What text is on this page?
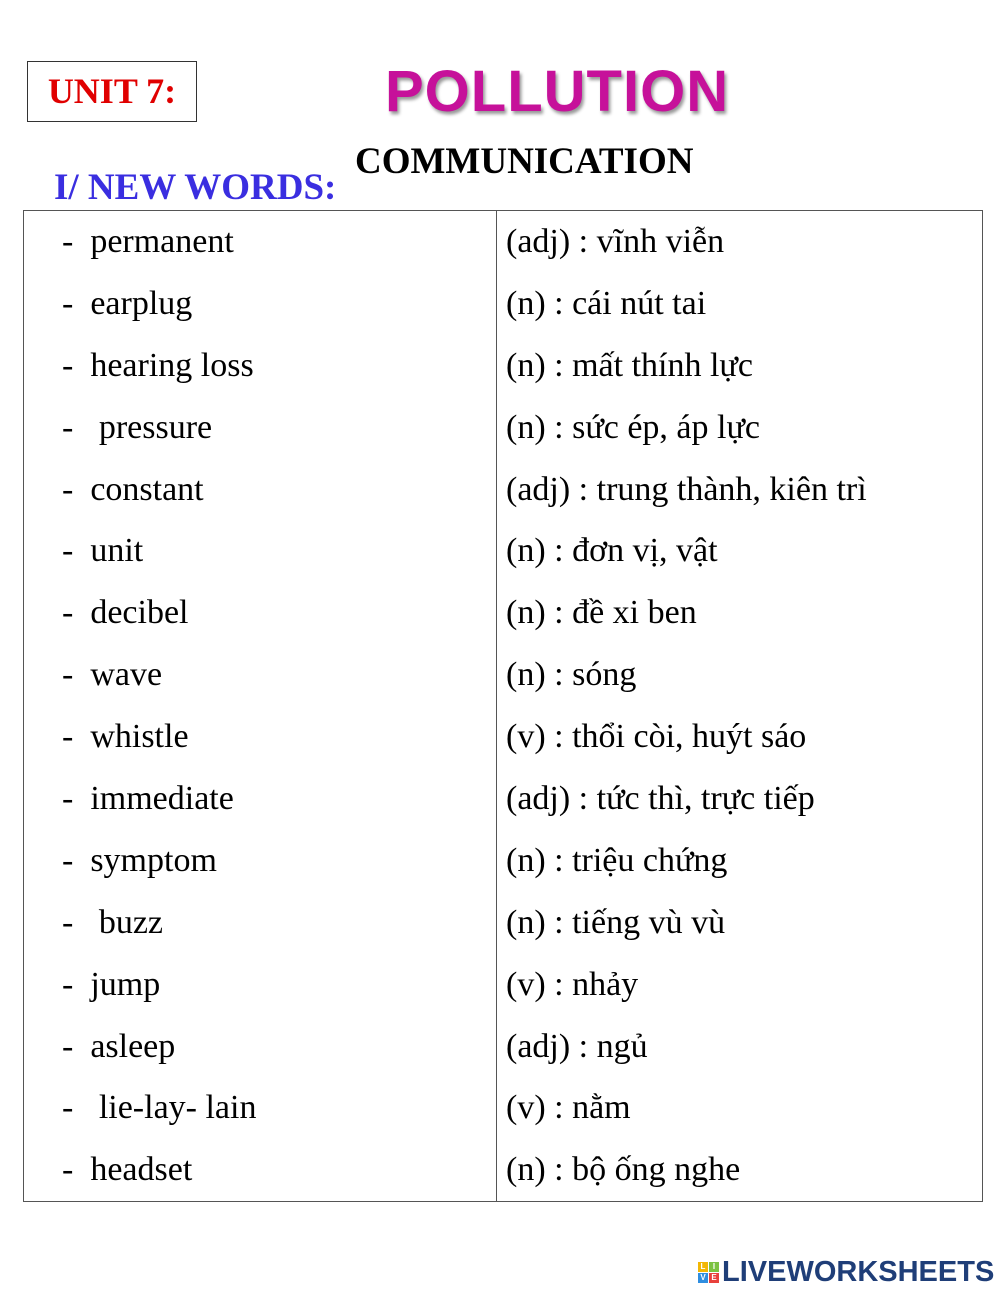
UNIT 7:	POLLUTION
COMMUNICATION
I/ NEW WORDS:
-  permanent	(adj) : vĩnh viễn
-  earplug	(n) : cái nút tai
-  hearing loss	(n) : mất thính lực
-   pressure	(n) : sức ép, áp lực
-  constant	(adj) : trung thành, kiên trì
-  unit	(n) : đơn vị, vật
-  decibel	(n) : đề xi ben
-  wave	(n) : sóng
-  whistle	(v) : thổi còi, huýt sáo
-  immediate	(adj) : tức thì, trực tiếp
-  symptom	(n) : triệu chứng
-   buzz	(n) : tiếng vù vù
-  jump	(v) : nhảy
-  asleep	(adj) : ngủ
-   lie-lay- lain	(v) : nằm
-  headset	(n) : bộ ống nghe
L I
V E LIVEWORKSHEETS
